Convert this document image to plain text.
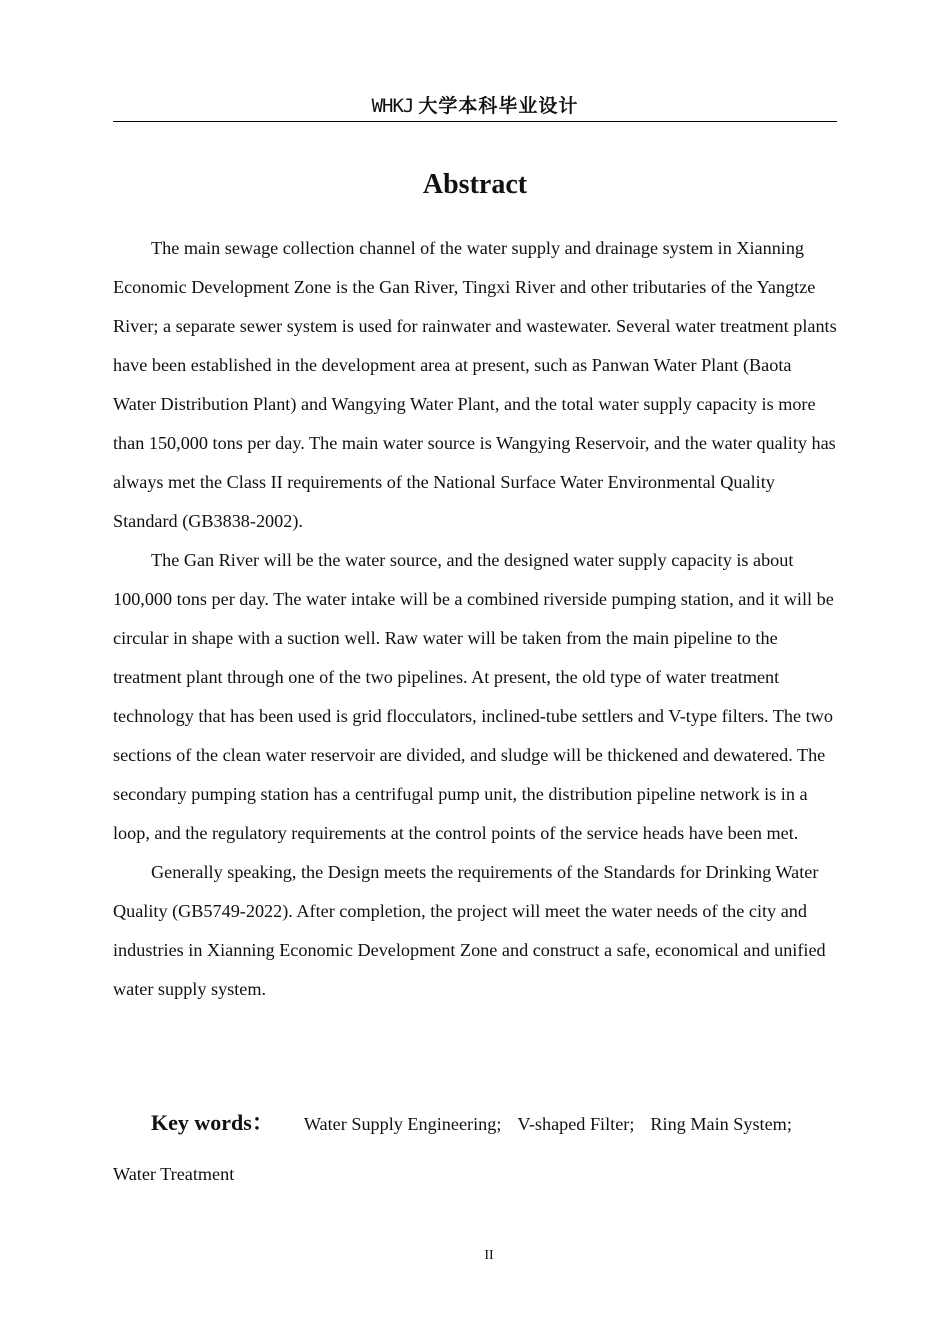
WHKJ 大学本科毕业设计
Abstract

The main sewage collection channel of the water supply and drainage system in Xianning Economic Development Zone is the Gan River, Tingxi River and other tributaries of the Yangtze River; a separate sewer system is used for rainwater and wastewater. Several water treatment plants have been established in the development area at present, such as Panwan Water Plant (Baota Water Distribution Plant) and Wangying Water Plant, and the total water supply capacity is more than 150,000 tons per day. The main water source is Wangying Reservoir, and the water quality has always met the Class II requirements of the National Surface Water Environmental Quality Standard (GB3838-2002).

The Gan River will be the water source, and the designed water supply capacity is about 100,000 tons per day. The water intake will be a combined riverside pumping station, and it will be circular in shape with a suction well. Raw water will be taken from the main pipeline to the treatment plant through one of the two pipelines. At present, the old type of water treatment technology that has been used is grid flocculators, inclined-tube settlers and V-type filters. The two sections of the clean water reservoir are divided, and sludge will be thickened and dewatered. The secondary pumping station has a centrifugal pump unit, the distribution pipeline network is in a loop, and the regulatory requirements at the control points of the service heads have been met.

Generally speaking, the Design meets the requirements of the Standards for Drinking Water Quality (GB5749-2022). After completion, the project will meet the water needs of the city and industries in Xianning Economic Development Zone and construct a safe, economical and unified water supply system.

Key words： Water Supply Engineering; V-shaped Filter; Ring Main System;
Water Treatment
II
